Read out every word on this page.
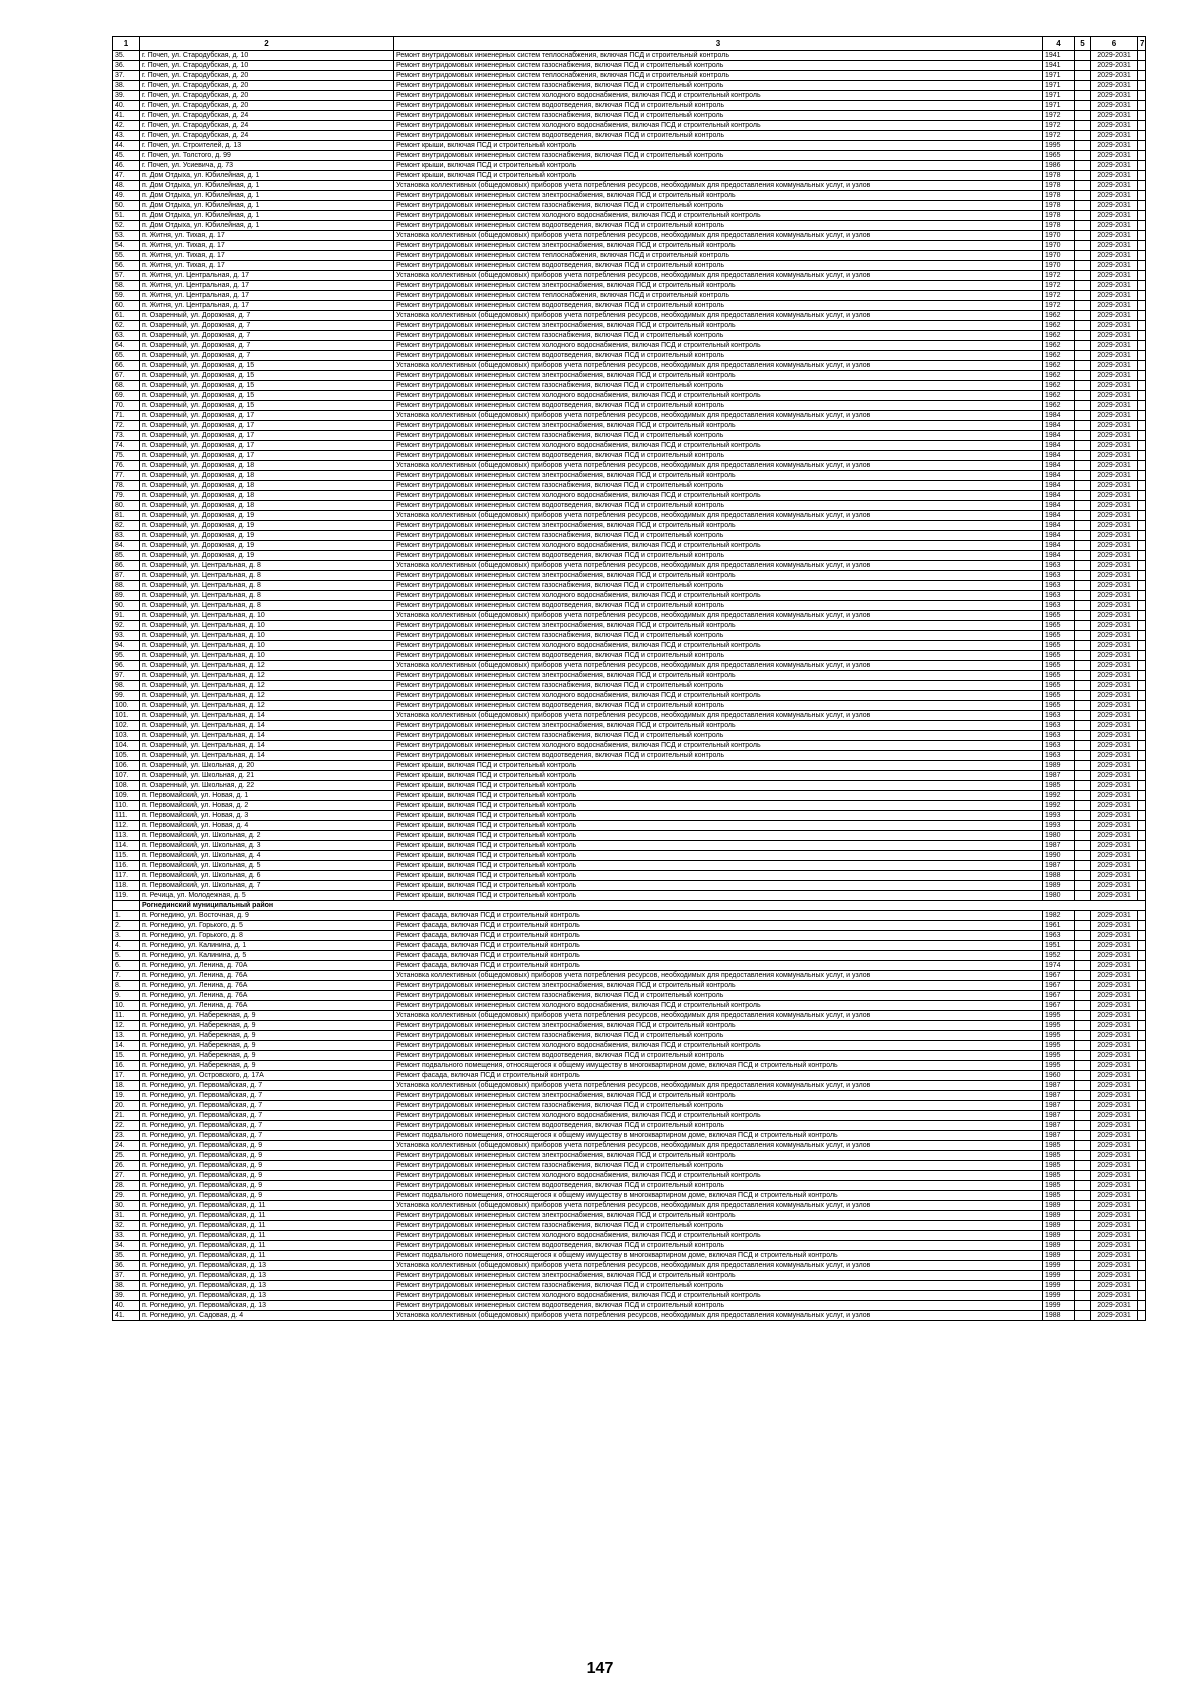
1	2	3	4	5	6	7
35.	г. Почеп, ул. Стародубская, д. 10	Ремонт внутридомовых инженерных систем теплоснабжения, включая ПСД и строительный контроль	1941		2029-2031	
36.	г. Почеп, ул. Стародубская, д. 10	Ремонт внутридомовых инженерных систем газоснабжения, включая ПСД и строительный контроль	1941		2029-2031	
37.	г. Почеп, ул. Стародубская, д. 20	Ремонт внутридомовых инженерных систем теплоснабжения, включая ПСД и строительный контроль	1971		2029-2031	
38.	г. Почеп, ул. Стародубская, д. 20	Ремонт внутридомовых инженерных систем газоснабжения, включая ПСД и строительный контроль	1971		2029-2031	
39.	г. Почеп, ул. Стародубская, д. 20	Ремонт внутридомовых инженерных систем холодного водоснабжения, включая ПСД и строительный контроль	1971		2029-2031	
40.	г. Почеп, ул. Стародубская, д. 20	Ремонт внутридомовых инженерных систем водоотведения, включая ПСД и строительный контроль	1971		2029-2031	
41.	г. Почеп, ул. Стародубская, д. 24	Ремонт внутридомовых инженерных систем газоснабжения, включая ПСД и строительный контроль	1972		2029-2031	
42.	г. Почеп, ул. Стародубская, д. 24	Ремонт внутридомовых инженерных систем холодного водоснабжения, включая ПСД и строительный контроль	1972		2029-2031	
43.	г. Почеп, ул. Стародубская, д. 24	Ремонт внутридомовых инженерных систем водоотведения, включая ПСД и строительный контроль	1972		2029-2031	
44.	г. Почеп, ул. Строителей, д. 13	Ремонт крыши, включая ПСД и строительный контроль	1995		2029-2031	
45.	г. Почеп, ул. Толстого, д. 99	Ремонт внутридомовых инженерных систем газоснабжения, включая ПСД и строительный контроль	1965		2029-2031	
46.	г. Почеп, ул. Усиевича, д. 73	Ремонт крыши, включая ПСД и строительный контроль	1986		2029-2031	
47.	п. Дом Отдыха, ул. Юбилейная, д. 1	Ремонт крыши, включая ПСД и строительный контроль	1978		2029-2031	
48.	п. Дом Отдыха, ул. Юбилейная, д. 1	Установка коллективных (общедомовых) приборов учета потребления ресурсов, необходимых для предоставления коммунальных услуг, и узлов	1978		2029-2031	
49.	п. Дом Отдыха, ул. Юбилейная, д. 1	Ремонт внутридомовых инженерных систем электроснабжения, включая ПСД и строительный контроль	1978		2029-2031	
50.	п. Дом Отдыха, ул. Юбилейная, д. 1	Ремонт внутридомовых инженерных систем газоснабжения, включая ПСД и строительный контроль	1978		2029-2031	
51.	п. Дом Отдыха, ул. Юбилейная, д. 1	Ремонт внутридомовых инженерных систем холодного водоснабжения, включая ПСД и строительный контроль	1978		2029-2031	
52.	п. Дом Отдыха, ул. Юбилейная, д. 1	Ремонт внутридомовых инженерных систем водоотведения, включая ПСД и строительный контроль	1978		2029-2031	
53.	п. Житня, ул. Тихая, д. 17	Установка коллективных (общедомовых) приборов учета потребления ресурсов, необходимых для предоставления коммунальных услуг, и узлов	1970		2029-2031	
54.	п. Житня, ул. Тихая, д. 17	Ремонт внутридомовых инженерных систем электроснабжения, включая ПСД и строительный контроль	1970		2029-2031	
55.	п. Житня, ул. Тихая, д. 17	Ремонт внутридомовых инженерных систем теплоснабжения, включая ПСД и строительный контроль	1970		2029-2031	
56.	п. Житня, ул. Тихая, д. 17	Ремонт внутридомовых инженерных систем водоотведения, включая ПСД и строительный контроль	1970		2029-2031	
57.	п. Житня, ул. Центральная, д. 17	Установка коллективных (общедомовых) приборов учета потребления ресурсов, необходимых для предоставления коммунальных услуг, и узлов	1972		2029-2031	
58.	п. Житня, ул. Центральная, д. 17	Ремонт внутридомовых инженерных систем электроснабжения, включая ПСД и строительный контроль	1972		2029-2031	
59.	п. Житня, ул. Центральная, д. 17	Ремонт внутридомовых инженерных систем теплоснабжения, включая ПСД и строительный контроль	1972		2029-2031	
60.	п. Житня, ул. Центральная, д. 17	Ремонт внутридомовых инженерных систем водоотведения, включая ПСД и строительный контроль	1972		2029-2031	
61.	п. Озаренный, ул. Дорожная, д. 7	Установка коллективных (общедомовых) приборов учета потребления ресурсов, необходимых для предоставления коммунальных услуг, и узлов	1962		2029-2031	
62.	п. Озаренный, ул. Дорожная, д. 7	Ремонт внутридомовых инженерных систем электроснабжения, включая ПСД и строительный контроль	1962		2029-2031	
63.	п. Озаренный, ул. Дорожная, д. 7	Ремонт внутридомовых инженерных систем газоснабжения, включая ПСД и строительный контроль	1962		2029-2031	
64.	п. Озаренный, ул. Дорожная, д. 7	Ремонт внутридомовых инженерных систем холодного водоснабжения, включая ПСД и строительный контроль	1962		2029-2031	
65.	п. Озаренный, ул. Дорожная, д. 7	Ремонт внутридомовых инженерных систем водоотведения, включая ПСД и строительный контроль	1962		2029-2031	
66.	п. Озаренный, ул. Дорожная, д. 15	Установка коллективных (общедомовых) приборов учета потребления ресурсов, необходимых для предоставления коммунальных услуг, и узлов	1962		2029-2031	
67.	п. Озаренный, ул. Дорожная, д. 15	Ремонт внутридомовых инженерных систем электроснабжения, включая ПСД и строительный контроль	1962		2029-2031	
68.	п. Озаренный, ул. Дорожная, д. 15	Ремонт внутридомовых инженерных систем газоснабжения, включая ПСД и строительный контроль	1962		2029-2031	
69.	п. Озаренный, ул. Дорожная, д. 15	Ремонт внутридомовых инженерных систем холодного водоснабжения, включая ПСД и строительный контроль	1962		2029-2031	
70.	п. Озаренный, ул. Дорожная, д. 15	Ремонт внутридомовых инженерных систем водоотведения, включая ПСД и строительный контроль	1962		2029-2031	
71.	п. Озаренный, ул. Дорожная, д. 17	Установка коллективных (общедомовых) приборов учета потребления ресурсов, необходимых для предоставления коммунальных услуг, и узлов	1984		2029-2031	
72.	п. Озаренный, ул. Дорожная, д. 17	Ремонт внутридомовых инженерных систем электроснабжения, включая ПСД и строительный контроль	1984		2029-2031	
73.	п. Озаренный, ул. Дорожная, д. 17	Ремонт внутридомовых инженерных систем газоснабжения, включая ПСД и строительный контроль	1984		2029-2031	
74.	п. Озаренный, ул. Дорожная, д. 17	Ремонт внутридомовых инженерных систем холодного водоснабжения, включая ПСД и строительный контроль	1984		2029-2031	
75.	п. Озаренный, ул. Дорожная, д. 17	Ремонт внутридомовых инженерных систем водоотведения, включая ПСД и строительный контроль	1984		2029-2031	
76.	п. Озаренный, ул. Дорожная, д. 18	Установка коллективных (общедомовых) приборов учета потребления ресурсов, необходимых для предоставления коммунальных услуг, и узлов	1984		2029-2031	
77.	п. Озаренный, ул. Дорожная, д. 18	Ремонт внутридомовых инженерных систем электроснабжения, включая ПСД и строительный контроль	1984		2029-2031	
78.	п. Озаренный, ул. Дорожная, д. 18	Ремонт внутридомовых инженерных систем газоснабжения, включая ПСД и строительный контроль	1984		2029-2031	
79.	п. Озаренный, ул. Дорожная, д. 18	Ремонт внутридомовых инженерных систем холодного водоснабжения, включая ПСД и строительный контроль	1984		2029-2031	
80.	п. Озаренный, ул. Дорожная, д. 18	Ремонт внутридомовых инженерных систем водоотведения, включая ПСД и строительный контроль	1984		2029-2031	
81.	п. Озаренный, ул. Дорожная, д. 19	Установка коллективных (общедомовых) приборов учета потребления ресурсов, необходимых для предоставления коммунальных услуг, и узлов	1984		2029-2031	
82.	п. Озаренный, ул. Дорожная, д. 19	Ремонт внутридомовых инженерных систем электроснабжения, включая ПСД и строительный контроль	1984		2029-2031	
83.	п. Озаренный, ул. Дорожная, д. 19	Ремонт внутридомовых инженерных систем газоснабжения, включая ПСД и строительный контроль	1984		2029-2031	
84.	п. Озаренный, ул. Дорожная, д. 19	Ремонт внутридомовых инженерных систем холодного водоснабжения, включая ПСД и строительный контроль	1984		2029-2031	
85.	п. Озаренный, ул. Дорожная, д. 19	Ремонт внутридомовых инженерных систем водоотведения, включая ПСД и строительный контроль	1984		2029-2031	
86.	п. Озаренный, ул. Центральная, д. 8	Установка коллективных (общедомовых) приборов учета потребления ресурсов, необходимых для предоставления коммунальных услуг, и узлов	1963		2029-2031	
87.	п. Озаренный, ул. Центральная, д. 8	Ремонт внутридомовых инженерных систем электроснабжения, включая ПСД и строительный контроль	1963		2029-2031	
88.	п. Озаренный, ул. Центральная, д. 8	Ремонт внутридомовых инженерных систем газоснабжения, включая ПСД и строительный контроль	1963		2029-2031	
89.	п. Озаренный, ул. Центральная, д. 8	Ремонт внутридомовых инженерных систем холодного водоснабжения, включая ПСД и строительный контроль	1963		2029-2031	
90.	п. Озаренный, ул. Центральная, д. 8	Ремонт внутридомовых инженерных систем водоотведения, включая ПСД и строительный контроль	1963		2029-2031	
91.	п. Озаренный, ул. Центральная, д. 10	Установка коллективных (общедомовых) приборов учета потребления ресурсов, необходимых для предоставления коммунальных услуг, и узлов	1965		2029-2031	
92.	п. Озаренный, ул. Центральная, д. 10	Ремонт внутридомовых инженерных систем электроснабжения, включая ПСД и строительный контроль	1965		2029-2031	
93.	п. Озаренный, ул. Центральная, д. 10	Ремонт внутридомовых инженерных систем газоснабжения, включая ПСД и строительный контроль	1965		2029-2031	
94.	п. Озаренный, ул. Центральная, д. 10	Ремонт внутридомовых инженерных систем холодного водоснабжения, включая ПСД и строительный контроль	1965		2029-2031	
95.	п. Озаренный, ул. Центральная, д. 10	Ремонт внутридомовых инженерных систем водоотведения, включая ПСД и строительный контроль	1965		2029-2031	
96.	п. Озаренный, ул. Центральная, д. 12	Установка коллективных (общедомовых) приборов учета потребления ресурсов, необходимых для предоставления коммунальных услуг, и узлов	1965		2029-2031	
97.	п. Озаренный, ул. Центральная, д. 12	Ремонт внутридомовых инженерных систем электроснабжения, включая ПСД и строительный контроль	1965		2029-2031	
98.	п. Озаренный, ул. Центральная, д. 12	Ремонт внутридомовых инженерных систем газоснабжения, включая ПСД и строительный контроль	1965		2029-2031	
99.	п. Озаренный, ул. Центральная, д. 12	Ремонт внутридомовых инженерных систем холодного водоснабжения, включая ПСД и строительный контроль	1965		2029-2031	
100.	п. Озаренный, ул. Центральная, д. 12	Ремонт внутридомовых инженерных систем водоотведения, включая ПСД и строительный контроль	1965		2029-2031	
101.	п. Озаренный, ул. Центральная, д. 14	Установка коллективных (общедомовых) приборов учета потребления ресурсов, необходимых для предоставления коммунальных услуг, и узлов	1963		2029-2031	
102.	п. Озаренный, ул. Центральная, д. 14	Ремонт внутридомовых инженерных систем электроснабжения, включая ПСД и строительный контроль	1963		2029-2031	
103.	п. Озаренный, ул. Центральная, д. 14	Ремонт внутридомовых инженерных систем газоснабжения, включая ПСД и строительный контроль	1963		2029-2031	
104.	п. Озаренный, ул. Центральная, д. 14	Ремонт внутридомовых инженерных систем холодного водоснабжения, включая ПСД и строительный контроль	1963		2029-2031	
105.	п. Озаренный, ул. Центральная, д. 14	Ремонт внутридомовых инженерных систем водоотведения, включая ПСД и строительный контроль	1963		2029-2031	
106.	п. Озаренный, ул. Школьная, д. 20	Ремонт крыши, включая ПСД и строительный контроль	1989		2029-2031	
107.	п. Озаренный, ул. Школьная, д. 21	Ремонт крыши, включая ПСД и строительный контроль	1987		2029-2031	
108.	п. Озаренный, ул. Школьная, д. 22	Ремонт крыши, включая ПСД и строительный контроль	1985		2029-2031	
109.	п. Первомайский, ул. Новая, д. 1	Ремонт крыши, включая ПСД и строительный контроль	1992		2029-2031	
110.	п. Первомайский, ул. Новая, д. 2	Ремонт крыши, включая ПСД и строительный контроль	1992		2029-2031	
111.	п. Первомайский, ул. Новая, д. 3	Ремонт крыши, включая ПСД и строительный контроль	1993		2029-2031	
112.	п. Первомайский, ул. Новая, д. 4	Ремонт крыши, включая ПСД и строительный контроль	1993		2029-2031	
113.	п. Первомайский, ул. Школьная, д. 2	Ремонт крыши, включая ПСД и строительный контроль	1980		2029-2031	
114.	п. Первомайский, ул. Школьная, д. 3	Ремонт крыши, включая ПСД и строительный контроль	1987		2029-2031	
115.	п. Первомайский, ул. Школьная, д. 4	Ремонт крыши, включая ПСД и строительный контроль	1990		2029-2031	
116.	п. Первомайский, ул. Школьная, д. 5	Ремонт крыши, включая ПСД и строительный контроль	1987		2029-2031	
117.	п. Первомайский, ул. Школьная, д. 6	Ремонт крыши, включая ПСД и строительный контроль	1988		2029-2031	
118.	п. Первомайский, ул. Школьная, д. 7	Ремонт крыши, включая ПСД и строительный контроль	1989		2029-2031	
119.	п. Речица, ул. Молодежная, д. 5	Ремонт крыши, включая ПСД и строительный контроль	1980		2029-2031	
	Рогнединский муниципальный район					
1.	п. Рогнедино, ул. Восточная, д. 9	Ремонт фасада, включая ПСД и строительный контроль	1982		2029-2031	
2.	п. Рогнедино, ул. Горького, д. 5	Ремонт фасада, включая ПСД и строительный контроль	1961		2029-2031	
3.	п. Рогнедино, ул. Горького, д. 8	Ремонт фасада, включая ПСД и строительный контроль	1963		2029-2031	
4.	п. Рогнедино, ул. Калинина, д. 1	Ремонт фасада, включая ПСД и строительный контроль	1951		2029-2031	
5.	п. Рогнедино, ул. Калинина, д. 5	Ремонт фасада, включая ПСД и строительный контроль	1952		2029-2031	
6.	п. Рогнедино, ул. Ленина, д. 70А	Ремонт фасада, включая ПСД и строительный контроль	1974		2029-2031	
7.	п. Рогнедино, ул. Ленина, д. 76А	Установка коллективных (общедомовых) приборов учета потребления ресурсов, необходимых для предоставления коммунальных услуг, и узлов	1967		2029-2031	
8.	п. Рогнедино, ул. Ленина, д. 76А	Ремонт внутридомовых инженерных систем электроснабжения, включая ПСД и строительный контроль	1967		2029-2031	
9.	п. Рогнедино, ул. Ленина, д. 76А	Ремонт внутридомовых инженерных систем газоснабжения, включая ПСД и строительный контроль	1967		2029-2031	
10.	п. Рогнедино, ул. Ленина, д. 76А	Ремонт внутридомовых инженерных систем холодного водоснабжения, включая ПСД и строительный контроль	1967		2029-2031	
11.	п. Рогнедино, ул. Набережная, д. 9	Установка коллективных (общедомовых) приборов учета потребления ресурсов, необходимых для предоставления коммунальных услуг, и узлов	1995		2029-2031	
12.	п. Рогнедино, ул. Набережная, д. 9	Ремонт внутридомовых инженерных систем электроснабжения, включая ПСД и строительный контроль	1995		2029-2031	
13.	п. Рогнедино, ул. Набережная, д. 9	Ремонт внутридомовых инженерных систем газоснабжения, включая ПСД и строительный контроль	1995		2029-2031	
14.	п. Рогнедино, ул. Набережная, д. 9	Ремонт внутридомовых инженерных систем холодного водоснабжения, включая ПСД и строительный контроль	1995		2029-2031	
15.	п. Рогнедино, ул. Набережная, д. 9	Ремонт внутридомовых инженерных систем водоотведения, включая ПСД и строительный контроль	1995		2029-2031	
16.	п. Рогнедино, ул. Набережная, д. 9	Ремонт подвального помещения, относящегося к общему имуществу в многоквартирном доме, включая ПСД и строительный контроль	1995		2029-2031	
17.	п. Рогнедино, ул. Островского, д. 17А	Ремонт фасада, включая ПСД и строительный контроль	1960		2029-2031	
18.	п. Рогнедино, ул. Первомайская, д. 7	Установка коллективных (общедомовых) приборов учета потребления ресурсов, необходимых для предоставления коммунальных услуг, и узлов	1987		2029-2031	
19.	п. Рогнедино, ул. Первомайская, д. 7	Ремонт внутридомовых инженерных систем электроснабжения, включая ПСД и строительный контроль	1987		2029-2031	
20.	п. Рогнедино, ул. Первомайская, д. 7	Ремонт внутридомовых инженерных систем газоснабжения, включая ПСД и строительный контроль	1987		2029-2031	
21.	п. Рогнедино, ул. Первомайская, д. 7	Ремонт внутридомовых инженерных систем холодного водоснабжения, включая ПСД и строительный контроль	1987		2029-2031	
22.	п. Рогнедино, ул. Первомайская, д. 7	Ремонт внутридомовых инженерных систем водоотведения, включая ПСД и строительный контроль	1987		2029-2031	
23.	п. Рогнедино, ул. Первомайская, д. 7	Ремонт подвального помещения, относящегося к общему имуществу в многоквартирном доме, включая ПСД и строительный контроль	1987		2029-2031	
24.	п. Рогнедино, ул. Первомайская, д. 9	Установка коллективных (общедомовых) приборов учета потребления ресурсов, необходимых для предоставления коммунальных услуг, и узлов	1985		2029-2031	
25.	п. Рогнедино, ул. Первомайская, д. 9	Ремонт внутридомовых инженерных систем электроснабжения, включая ПСД и строительный контроль	1985		2029-2031	
26.	п. Рогнедино, ул. Первомайская, д. 9	Ремонт внутридомовых инженерных систем газоснабжения, включая ПСД и строительный контроль	1985		2029-2031	
27.	п. Рогнедино, ул. Первомайская, д. 9	Ремонт внутридомовых инженерных систем холодного водоснабжения, включая ПСД и строительный контроль	1985		2029-2031	
28.	п. Рогнедино, ул. Первомайская, д. 9	Ремонт внутридомовых инженерных систем водоотведения, включая ПСД и строительный контроль	1985		2029-2031	
29.	п. Рогнедино, ул. Первомайская, д. 9	Ремонт подвального помещения, относящегося к общему имуществу в многоквартирном доме, включая ПСД и строительный контроль	1985		2029-2031	
30.	п. Рогнедино, ул. Первомайская, д. 11	Установка коллективных (общедомовых) приборов учета потребления ресурсов, необходимых для предоставления коммунальных услуг, и узлов	1989		2029-2031	
31.	п. Рогнедино, ул. Первомайская, д. 11	Ремонт внутридомовых инженерных систем электроснабжения, включая ПСД и строительный контроль	1989		2029-2031	
32.	п. Рогнедино, ул. Первомайская, д. 11	Ремонт внутридомовых инженерных систем газоснабжения, включая ПСД и строительный контроль	1989		2029-2031	
33.	п. Рогнедино, ул. Первомайская, д. 11	Ремонт внутридомовых инженерных систем холодного водоснабжения, включая ПСД и строительный контроль	1989		2029-2031	
34.	п. Рогнедино, ул. Первомайская, д. 11	Ремонт внутридомовых инженерных систем водоотведения, включая ПСД и строительный контроль	1989		2029-2031	
35.	п. Рогнедино, ул. Первомайская, д. 11	Ремонт подвального помещения, относящегося к общему имуществу в многоквартирном доме, включая ПСД и строительный контроль	1989		2029-2031	
36.	п. Рогнедино, ул. Первомайская, д. 13	Установка коллективных (общедомовых) приборов учета потребления ресурсов, необходимых для предоставления коммунальных услуг, и узлов	1999		2029-2031	
37.	п. Рогнедино, ул. Первомайская, д. 13	Ремонт внутридомовых инженерных систем электроснабжения, включая ПСД и строительный контроль	1999		2029-2031	
38.	п. Рогнедино, ул. Первомайская, д. 13	Ремонт внутридомовых инженерных систем газоснабжения, включая ПСД и строительный контроль	1999		2029-2031	
39.	п. Рогнедино, ул. Первомайская, д. 13	Ремонт внутридомовых инженерных систем холодного водоснабжения, включая ПСД и строительный контроль	1999		2029-2031	
40.	п. Рогнедино, ул. Первомайская, д. 13	Ремонт внутридомовых инженерных систем водоотведения, включая ПСД и строительный контроль	1999		2029-2031	
41.	п. Рогнедино, ул. Садовая, д. 4	Установка коллективных (общедомовых) приборов учета потребления ресурсов, необходимых для предоставления коммунальных услуг, и узлов	1988		2029-2031	
147
